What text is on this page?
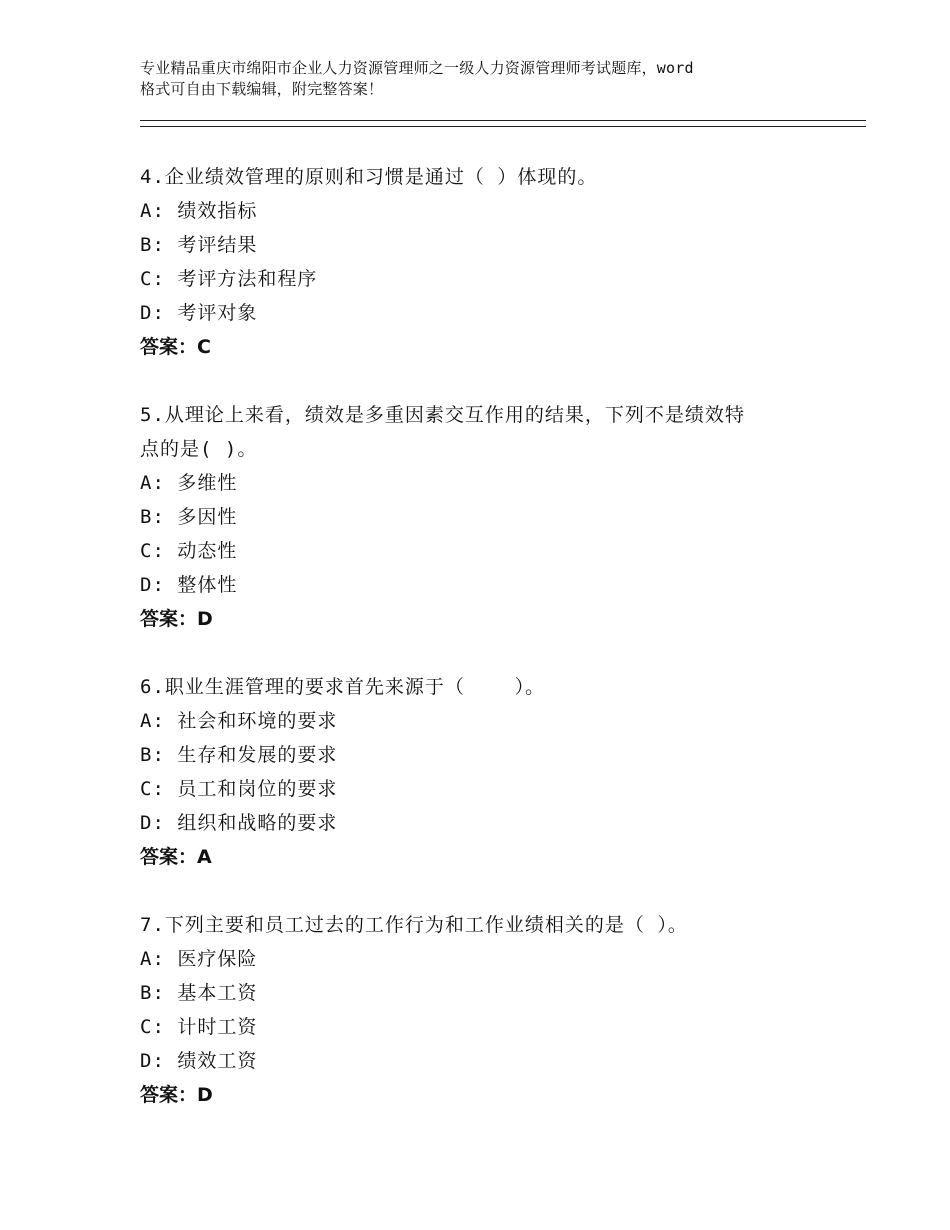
专业精品重庆市绵阳市企业人力资源管理师之一级人力资源管理师考试题库，word
格式可自由下载编辑，附完整答案！
4.企业绩效管理的原则和习惯是通过（ ）体现的。
A: 绩效指标
B: 考评结果
C: 考评方法和程序
D: 考评对象
答案：C
5.从理论上来看，绩效是多重因素交互作用的结果，下列不是绩效特
点的是( )。
A: 多维性
B: 多因性
C: 动态性
D: 整体性
答案：D
6.职业生涯管理的要求首先来源于（    ）。
A: 社会和环境的要求
B: 生存和发展的要求
C: 员工和岗位的要求
D: 组织和战略的要求
答案：A
7.下列主要和员工过去的工作行为和工作业绩相关的是（ ）。
A: 医疗保险
B: 基本工资
C: 计时工资
D: 绩效工资
答案：D
